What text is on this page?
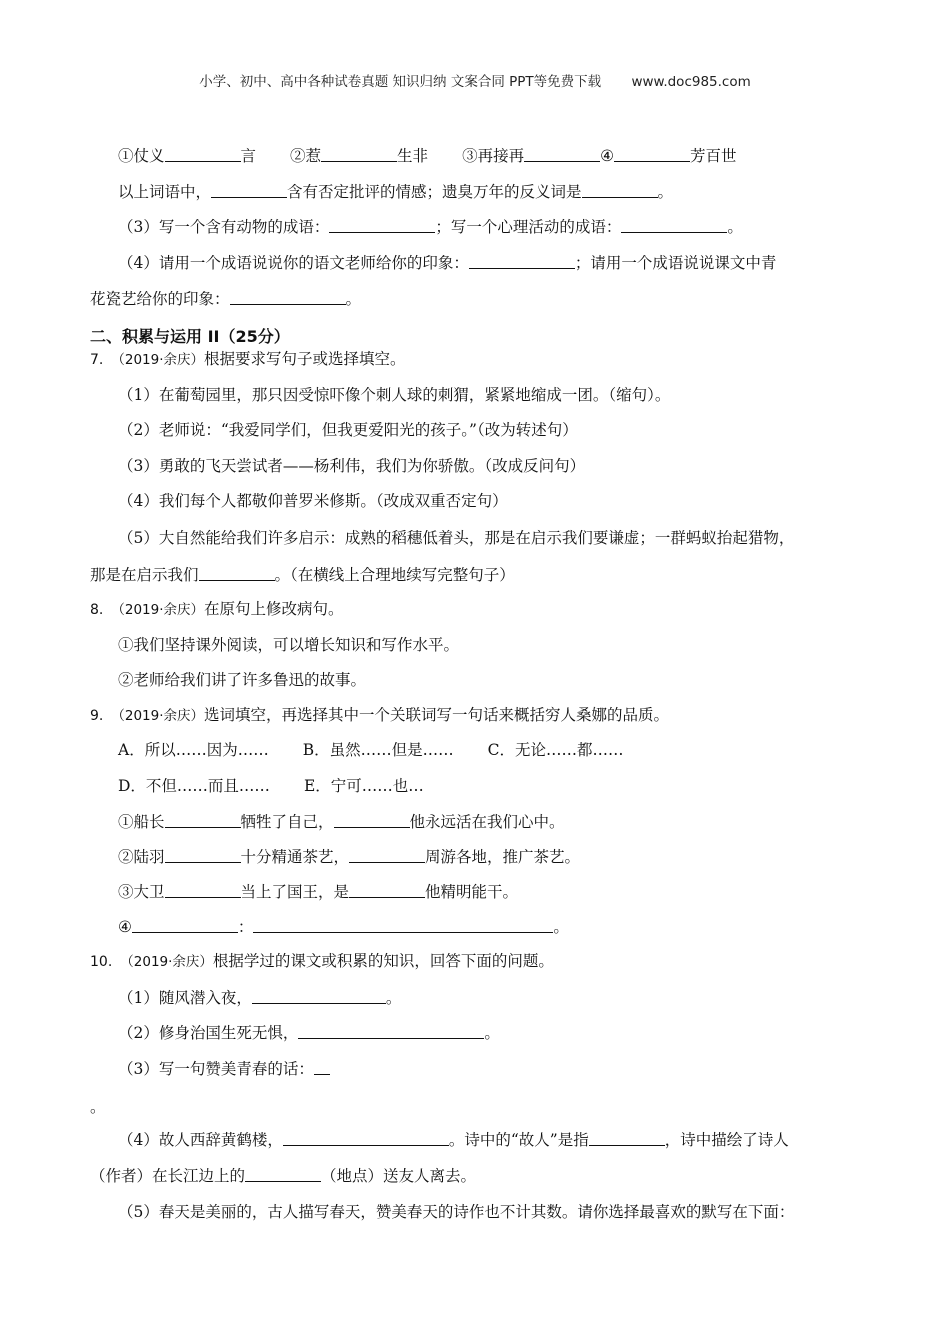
小学、初中、高中各种试卷真题 知识归纳 文案合同 PPT等免费下载 www.doc985.com
①仗义	言 ②惹	生非 ③再接再	④	芳百世
以上词语中，	含有否定批评的情感；遗臭万年的反义词是	。
（3）写一个含有动物的成语：	；写一个心理活动的成语：	。
（4）请用一个成语说说你的语文老师给你的印象：	；请用一个成语说说课文中青
花瓷艺给你的印象：	。
二、积累与运用 II（25分）
7. （2019·余庆）根据要求写句子或选择填空。
（1）在葡萄园里，那只因受惊吓像个刺人球的刺猬，紧紧地缩成一团。（缩句）。
（2）老师说：“我爱同学们，但我更爱阳光的孩子。”（改为转述句）
（3）勇敢的飞天尝试者——杨利伟，我们为你骄傲。（改成反问句）
（4）我们每个人都敬仰普罗米修斯。（改成双重否定句）
（5）大自然能给我们许多启示：成熟的稻穗低着头，那是在启示我们要谦虚；一群蚂蚁抬起猎物，
那是在启示我们	。（在横线上合理地续写完整句子）
8. （2019·余庆）在原句上修改病句。
①我们坚持课外阅读，可以增长知识和写作水平。
②老师给我们讲了许多鲁迅的故事。
9. （2019·余庆）选词填空，再选择其中一个关联词写一句话来概括穷人桑娜的品质。
A．所以……因为…… B．虽然……但是…… C．无论……都……
D．不但……而且…… E．宁可……也…
①船长	牺牲了自己，	他永远活在我们心中。
②陆羽	十分精通茶艺，	周游各地，推广茶艺。
③大卫	当上了国王，是	他精明能干。
④	：	。
10. （2019·余庆）根据学过的课文或积累的知识，回答下面的问题。
（1）随风潜入夜，	。
（2）修身治国生死无惧，	。
（3）写一句赞美青春的话：
。
（4）故人西辞黄鹤楼，	。诗中的“故人”是指	，诗中描绘了诗人
（作者）在长江边上的	（地点）送友人离去。
（5）春天是美丽的，古人描写春天，赞美春天的诗作也不计其数。请你选择最喜欢的默写在下面：
